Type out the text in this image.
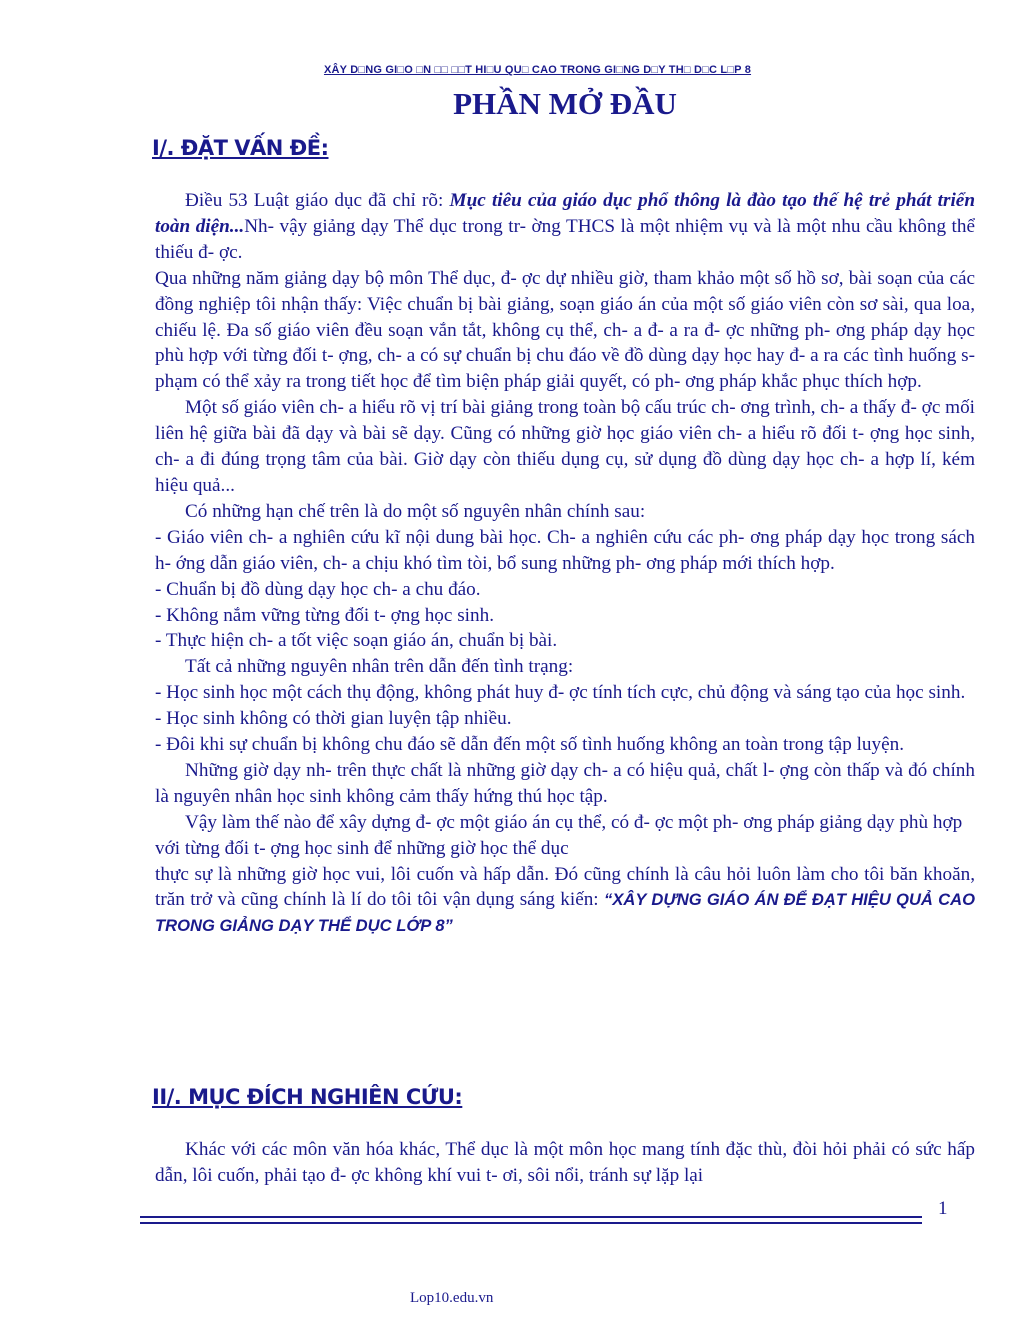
XÂY D□NG GI□O □N □□ □□T HI□U QU□ CAO TRONG GI□NG D□Y TH□ D□C L□P 8
PHẦN MỞ ĐẦU
I/. ĐẶT VẤN ĐỀ:

Điều 53 Luật giáo dục đã chỉ rõ: Mục tiêu của giáo dục phổ thông là đào tạo thế hệ trẻ phát triển toàn diện...Nh- vậy giảng dạy Thể dục trong tr- ờng THCS là một nhiệm vụ và là một nhu cầu không thể thiếu đ- ợc.

Qua những năm giảng dạy bộ môn Thể dục, đ- ợc dự nhiều giờ, tham khảo một số hồ sơ, bài soạn của các đồng nghiệp tôi nhận thấy: Việc chuẩn bị bài giảng, soạn giáo án của một số giáo viên còn sơ sài, qua loa, chiếu lệ. Đa số giáo viên đều soạn vắn tắt, không cụ thể, ch- a đ- a ra đ- ợc những ph- ơng pháp dạy học phù hợp với từng đối t- ợng, ch- a có sự chuẩn bị chu đáo về đồ dùng dạy học hay đ- a ra các tình huống s- phạm có thể xảy ra trong tiết học để tìm biện pháp giải quyết, có ph- ơng pháp khắc phục thích hợp.

Một số giáo viên ch- a hiểu rõ vị trí bài giảng trong toàn bộ cấu trúc ch- ơng trình, ch- a thấy đ- ợc mối liên hệ giữa bài đã dạy và bài sẽ dạy. Cũng có những giờ học giáo viên ch- a hiểu rõ đối t- ợng học sinh, ch- a đi đúng trọng tâm của bài. Giờ dạy còn thiếu dụng cụ, sử dụng đồ dùng dạy học ch- a hợp lí, kém hiệu quả...

Có những hạn chế trên là do một số nguyên nhân chính sau:

- Giáo viên ch- a nghiên cứu kĩ nội dung bài học. Ch- a nghiên cứu các ph- ơng pháp dạy học trong sách h- ớng dẫn giáo viên, ch- a chịu khó tìm tòi, bổ sung những ph- ơng pháp mới thích hợp.

- Chuẩn bị đồ dùng dạy học ch- a chu đáo.

- Không nắm vững từng đối t- ợng học sinh.

- Thực hiện ch- a tốt việc soạn giáo án, chuẩn bị bài.

Tất cả những nguyên nhân trên dẫn đến tình trạng:

- Học sinh học một cách thụ động, không phát huy đ- ợc tính tích cực, chủ động và sáng tạo của học sinh.

- Học sinh không có thời gian luyện tập nhiều.

- Đôi khi sự chuẩn bị không chu đáo sẽ dẫn đến một số tình huống không an toàn trong tập luyện.

Những giờ dạy nh- trên thực chất là những giờ dạy ch- a có hiệu quả, chất l- ợng còn thấp và đó chính là nguyên nhân học sinh không cảm thấy hứng thú học tập.

Vậy làm thế nào để xây dựng đ- ợc một giáo án cụ thể, có đ- ợc một ph- ơng pháp giảng dạy phù hợp với từng đối t- ợng học sinh để những giờ học thể dục

thực sự là những giờ học vui, lôi cuốn và hấp dẫn. Đó cũng chính là câu hỏi luôn làm cho tôi băn khoăn, trăn trở và cũng chính là lí do tôi tôi vận dụng sáng kiến: “XÂY DỰNG GIÁO ÁN ĐỂ ĐẠT HIỆU QUẢ CAO TRONG GIẢNG DẠY THỂ DỤC LỚP 8”

II/. MỤC ĐÍCH NGHIÊN CỨU:

Khác với các môn văn hóa khác, Thể dục là một môn học mang tính đặc thù, đòi hỏi phải có sức hấp dẫn, lôi cuốn, phải tạo đ- ợc không khí vui t- ơi, sôi nổi, tránh sự lặp lại

1
Lop10.edu.vn
